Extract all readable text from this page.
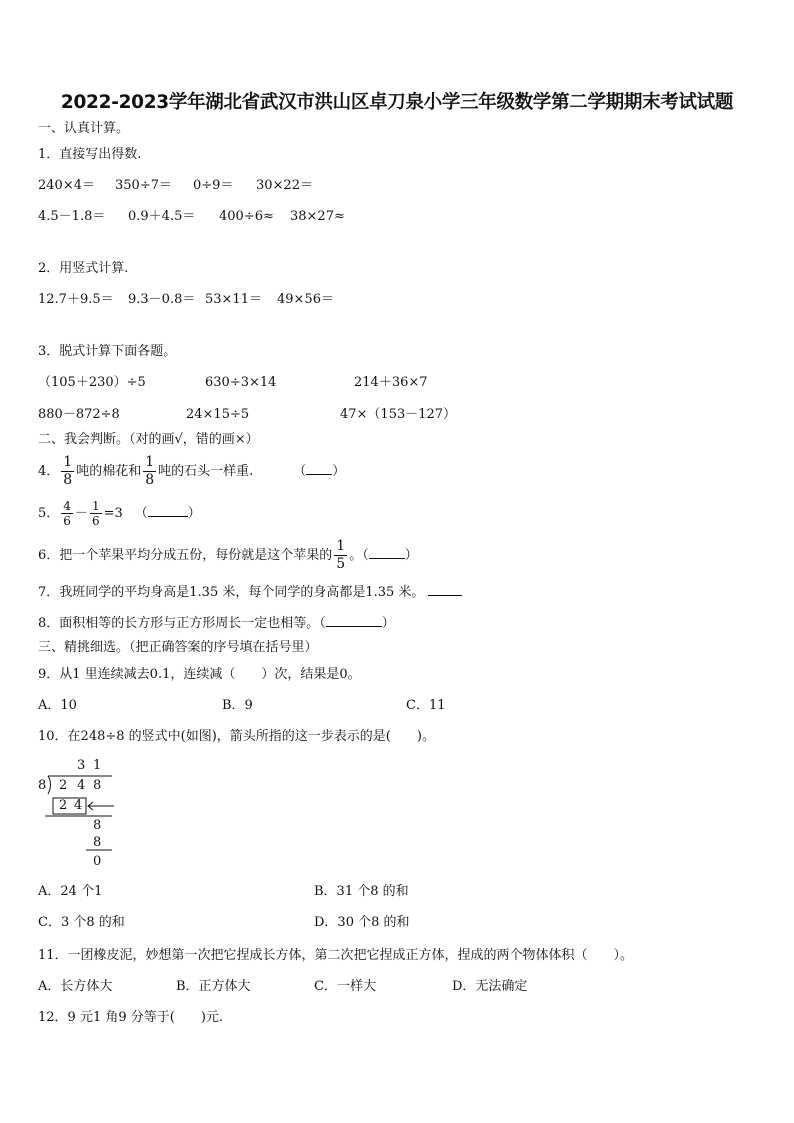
2022-2023学年湖北省武汉市洪山区卓刀泉小学三年级数学第二学期期末考试试题
一、认真计算。
1．直接写出得数.
240×4＝ 350÷7＝ 0÷9＝ 30×22＝
4.5－1.8＝ 0.9＋4.5＝ 400÷6≈ 38×27≈
2．用竖式计算.
12.7＋9.5＝ 9.3－0.8＝ 53×11＝ 49×56＝
3．脱式计算下面各题。
（105＋230）÷5	630÷3×14	214＋36×7
880－872÷8	24×15÷5	47×（153－127）
二、我会判断。（对的画√，错的画×）
4． $\frac{1}{8}$ 吨的棉花和 $\frac{1}{8}$ 吨的石头一样重.	（ ）
5． $\frac{4}{6} - \frac{1}{6} =3$ （	）
6．把一个苹果平均分成五份，每份就是这个苹果的 $\frac{1}{5}$ 。（	）
7．我班同学的平均身高是1.35 米，每个同学的身高都是1.35 米。
8．面积相等的长方形与正方形周长一定也相等。（	）
三、精挑细选。（把正确答案的序号填在括号里）
9．从1 里连续减去0.1，连续减（　　）次，结果是0。
A．10	B．9	C．11
10．在248÷8 的竖式中(如图)，箭头所指的这一步表示的是(　　)。
3 1
8 2 4 8
2 4
8
8
0
A．24 个1	B．31 个8 的和
C．3 个8 的和	D．30 个8 的和
11．一团橡皮泥，妙想第一次把它捏成长方体，第二次把它捏成正方体，捏成的两个物体体积（　　）。
A．长方体大	B．正方体大	C．一样大	D．无法确定
12．9 元1 角9 分等于(　　)元.
